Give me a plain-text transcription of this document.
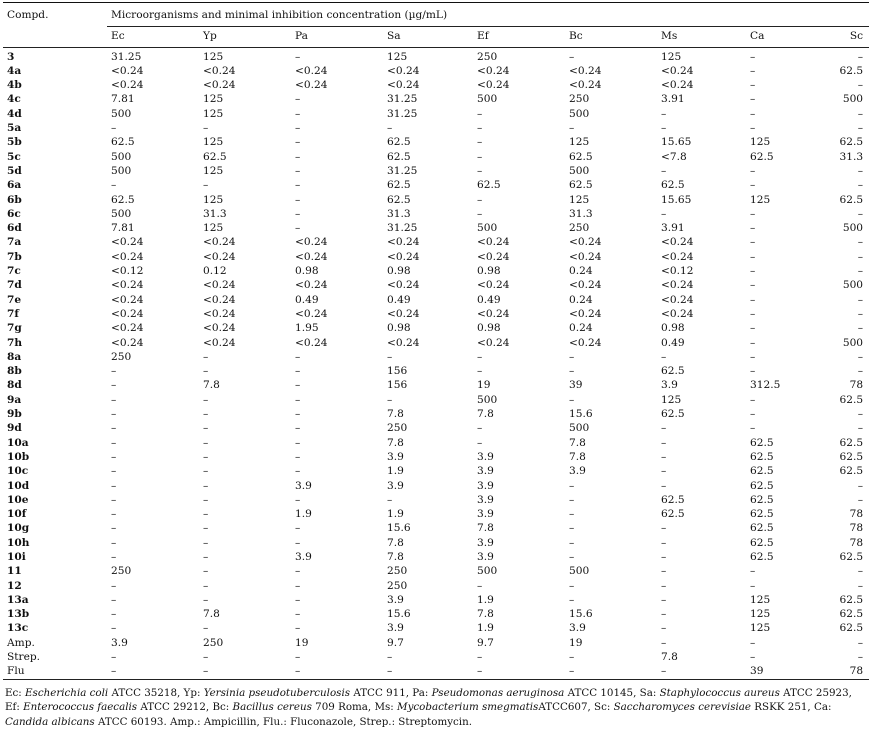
Compd.	Microorganisms and minimal inhibition concentration (µg/mL)								
	Ec	Yp	Pa	Sa	Ef	Bc	Ms	Ca	Sc
3	31.25	125	–	125	250	–	125	–	–
4a	<0.24	<0.24	<0.24	<0.24	<0.24	<0.24	<0.24	–	62.5
4b	<0.24	<0.24	<0.24	<0.24	<0.24	<0.24	<0.24	–	–
4c	7.81	125	–	31.25	500	250	3.91	–	500
4d	500	125	–	31.25	–	500	–	–	–
5a	–	–	–	–	–	–	–	–	–
5b	62.5	125	–	62.5	–	125	15.65	125	62.5
5c	500	62.5	–	62.5	–	62.5	<7.8	62.5	31.3
5d	500	125	–	31.25	–	500	–	–	–
6a	–	–	–	62.5	62.5	62.5	62.5	–	–
6b	62.5	125	–	62.5	–	125	15.65	125	62.5
6c	500	31.3	–	31.3	–	31.3	–	–	–
6d	7.81	125	–	31.25	500	250	3.91	–	500
7a	<0.24	<0.24	<0.24	<0.24	<0.24	<0.24	<0.24	–	–
7b	<0.24	<0.24	<0.24	<0.24	<0.24	<0.24	<0.24	–	–
7c	<0.12	0.12	0.98	0.98	0.98	0.24	<0.12	–	–
7d	<0.24	<0.24	<0.24	<0.24	<0.24	<0.24	<0.24	–	500
7e	<0.24	<0.24	0.49	0.49	0.49	0.24	<0.24	–	–
7f	<0.24	<0.24	<0.24	<0.24	<0.24	<0.24	<0.24	–	–
7g	<0.24	<0.24	1.95	0.98	0.98	0.24	0.98	–	–
7h	<0.24	<0.24	<0.24	<0.24	<0.24	<0.24	0.49	–	500
8a	250	–	–	–	–	–	–	–	–
8b	–	–	–	156	–	–	62.5	–	–
8d	–	7.8	–	156	19	39	3.9	312.5	78
9a	–	–	–	–	500	–	125	–	62.5
9b	–	–	–	7.8	7.8	15.6	62.5	–	–
9d	–	–	–	250	–	500	–	–	–
10a	–	–	–	7.8	–	7.8	–	62.5	62.5
10b	–	–	–	3.9	3.9	7.8	–	62.5	62.5
10c	–	–	–	1.9	3.9	3.9	–	62.5	62.5
10d	–	–	3.9	3.9	3.9	–	–	62.5	–
10e	–	–	–	–	3.9	–	62.5	62.5	–
10f	–	–	1.9	1.9	3.9	–	62.5	62.5	78
10g	–	–	–	15.6	7.8	–	–	62.5	78
10h	–	–	–	7.8	3.9	–	–	62.5	78
10i	–	–	3.9	7.8	3.9	–	–	62.5	62.5
11	250	–	–	250	500	500	–	–	–
12	–	–	–	250	–	–	–	–	–
13a	–	–	–	3.9	1.9	–	–	125	62.5
13b	–	7.8	–	15.6	7.8	15.6	–	125	62.5
13c	–	–	–	3.9	1.9	3.9	–	125	62.5
Amp.	3.9	250	19	9.7	9.7	19	–	–	–
Strep.	–	–	–	–	–	–	7.8	–	–
Flu	–	–	–	–	–	–	–	39	78
Ec: Escherichia coli ATCC 35218, Yp: Yersinia pseudotuberculosis ATCC 911, Pa: Pseudomonas aeruginosa ATCC 10145, Sa: Staphylococcus aureus ATCC 25923, Ef: Enterococcus faecalis ATCC 29212, Bc: Bacillus cereus 709 Roma, Ms: Mycobacterium smegmatisATCC607, Sc: Saccharomyces cerevisiae RSKK 251, Ca: Candida albicans ATCC 60193. Amp.: Ampicillin, Flu.: Fluconazole, Strep.: Streptomycin.
